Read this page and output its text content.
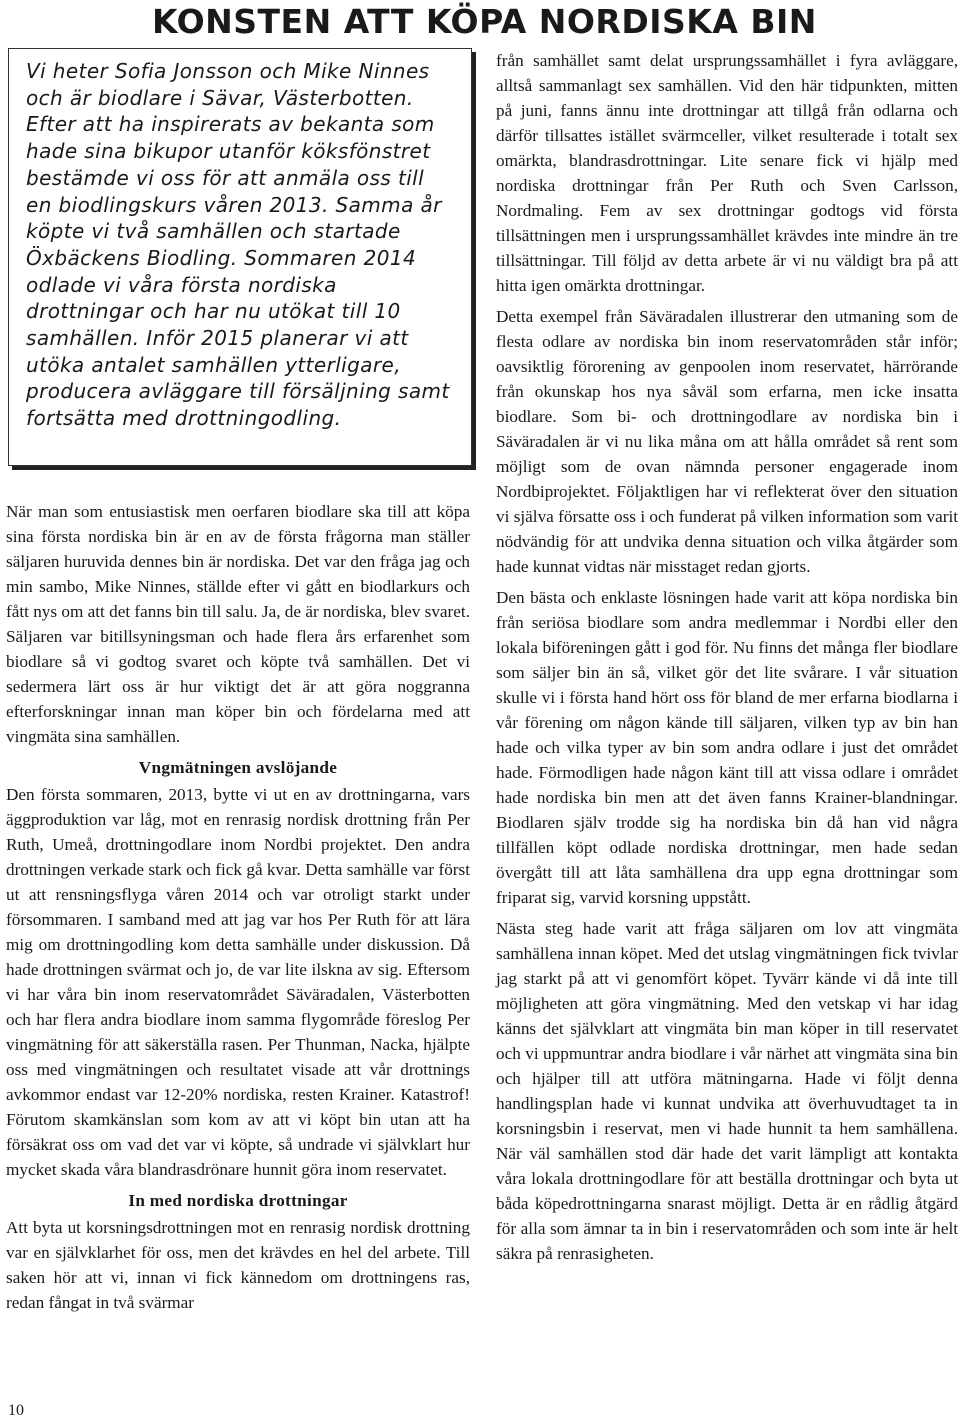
KONSTEN ATT KÖPA NORDISKA BIN

Vi heter Sofia Jonsson och Mike Ninnes och är biodlare i Sävar, Västerbotten. Efter att ha inspirerats av bekanta som hade sina bikupor utanför köksfönstret bestämde vi oss för att anmäla oss till en biodlingskurs våren 2013. Samma år köpte vi två samhällen och startade Öxbäckens Biodling. Sommaren 2014 odlade vi våra första nordiska drottningar och har nu utökat till 10 samhällen. Inför 2015 planerar vi att utöka antalet samhällen ytterligare, producera avläggare till försäljning samt fortsätta med drottningodling.

När man som entusiastisk men oerfaren biodlare ska till att köpa sina första nordiska bin är en av de första frågorna man ställer säljaren huruvida dennes bin är nordiska. Det var den fråga jag och min sambo, Mike Ninnes, ställde efter vi gått en biodlarkurs och fått nys om att det fanns bin till salu. Ja, de är nordiska, blev svaret. Säljaren var bitillsyningsman och hade flera års erfarenhet som biodlare så vi godtog svaret och köpte två samhällen. Det vi sedermera lärt oss är hur viktigt det är att göra noggranna efterforskningar innan man köper bin och fördelarna med att vingmäta sina samhällen.

Vngmätningen avslöjande

Den första sommaren, 2013, bytte vi ut en av drottningarna, vars äggproduktion var låg, mot en renrasig nordisk drottning från Per Ruth, Umeå, drottningodlare inom Nordbi projektet. Den andra drottningen verkade stark och fick gå kvar. Detta samhälle var först ut att rensningsflyga våren 2014 och var otroligt starkt under försommaren. I samband med att jag var hos Per Ruth för att lära mig om drottningodling kom detta samhälle under diskussion. Då hade drottningen svärmat och jo, de var lite ilskna av sig. Eftersom vi har våra bin inom reservatområdet Säväradalen, Västerbotten och har flera andra biodlare inom samma flygområde föreslog Per vingmätning för att säkerställa rasen. Per Thunman, Nacka, hjälpte oss med vingmätningen och resultatet visade att vår drottnings avkommor endast var 12-20% nordiska, resten Krainer. Katastrof! Förutom skamkänslan som kom av att vi köpt bin utan att ha försäkrat oss om vad det var vi köpte, så undrade vi självklart hur mycket skada våra blandrasdrönare hunnit göra inom reservatet.

In med nordiska drottningar

Att byta ut korsningsdrottningen mot en renrasig nordisk drottning var en självklarhet för oss, men det krävdes en hel del arbete. Till saken hör att vi, innan vi fick kännedom om drottningens ras, redan fångat in två svärmar

från samhället samt delat ursprungssamhället i fyra avläggare, alltså sammanlagt sex samhällen. Vid den här tidpunkten, mitten på juni, fanns ännu inte drottningar att tillgå från odlarna och därför tillsattes istället svärmceller, vilket resulterade i totalt sex omärkta, blandrasdrottningar. Lite senare fick vi hjälp med nordiska drottningar från Per Ruth och Sven Carlsson, Nordmaling. Fem av sex drottningar godtogs vid första tillsättningen men i ursprungssamhället krävdes inte mindre än tre tillsättningar. Till följd av detta arbete är vi nu väldigt bra på att hitta igen omärkta drottningar.

Detta exempel från Säväradalen illustrerar den utmaning som de flesta odlare av nordiska bin inom reservatområden står inför; oavsiktlig förorening av genpoolen inom reservatet, härrörande från okunskap hos nya såväl som erfarna, men icke insatta biodlare. Som bi- och drottningodlare av nordiska bin i Säväradalen är vi nu lika måna om att hålla området så rent som möjligt som de ovan nämnda personer engagerade inom Nordbiprojektet. Följaktligen har vi reflekterat över den situation vi själva försatte oss i och funderat på vilken information som varit nödvändig för att undvika denna situation och vilka åtgärder som hade kunnat vidtas när misstaget redan gjorts.

Den bästa och enklaste lösningen hade varit att köpa nordiska bin från seriösa biodlare som andra medlemmar i Nordbi eller den lokala biföreningen gått i god för. Nu finns det många fler biodlare som säljer bin än så, vilket gör det lite svårare. I vår situation skulle vi i första hand hört oss för bland de mer erfarna biodlarna i vår förening om någon kände till säljaren, vilken typ av bin han hade och vilka typer av bin som andra odlare i just det området hade. Förmodligen hade någon känt till att vissa odlare i området hade nordiska bin men att det även fanns Krainer-blandningar. Biodlaren själv trodde sig ha nordiska bin då han vid några tillfällen köpt odlade nordiska drottningar, men hade sedan övergått till att låta samhällena dra upp egna drottningar som friparat sig, varvid korsning uppstått.

Nästa steg hade varit att fråga säljaren om lov att vingmäta samhällena innan köpet. Med det utslag vingmätningen fick tvivlar jag starkt på att vi genomfört köpet. Tyvärr kände vi då inte till möjligheten att göra vingmätning. Med den vetskap vi har idag känns det självklart att vingmäta bin man köper in till reservatet och vi uppmuntrar andra biodlare i vår närhet att vingmäta sina bin och hjälper till att utföra mätningarna. Hade vi följt denna handlingsplan hade vi kunnat undvika att överhuvudtaget ta in korsningsbin i reservat, men vi hade hunnit ta hem samhällena. När väl samhällen stod där hade det varit lämpligt att kontakta våra lokala drottningodlare för att beställa drottningar och byta ut båda köpedrottningarna snarast möjligt. Detta är en rådlig åtgärd för alla som ämnar ta in bin i reservatområden och som inte är helt säkra på renrasigheten.

10
